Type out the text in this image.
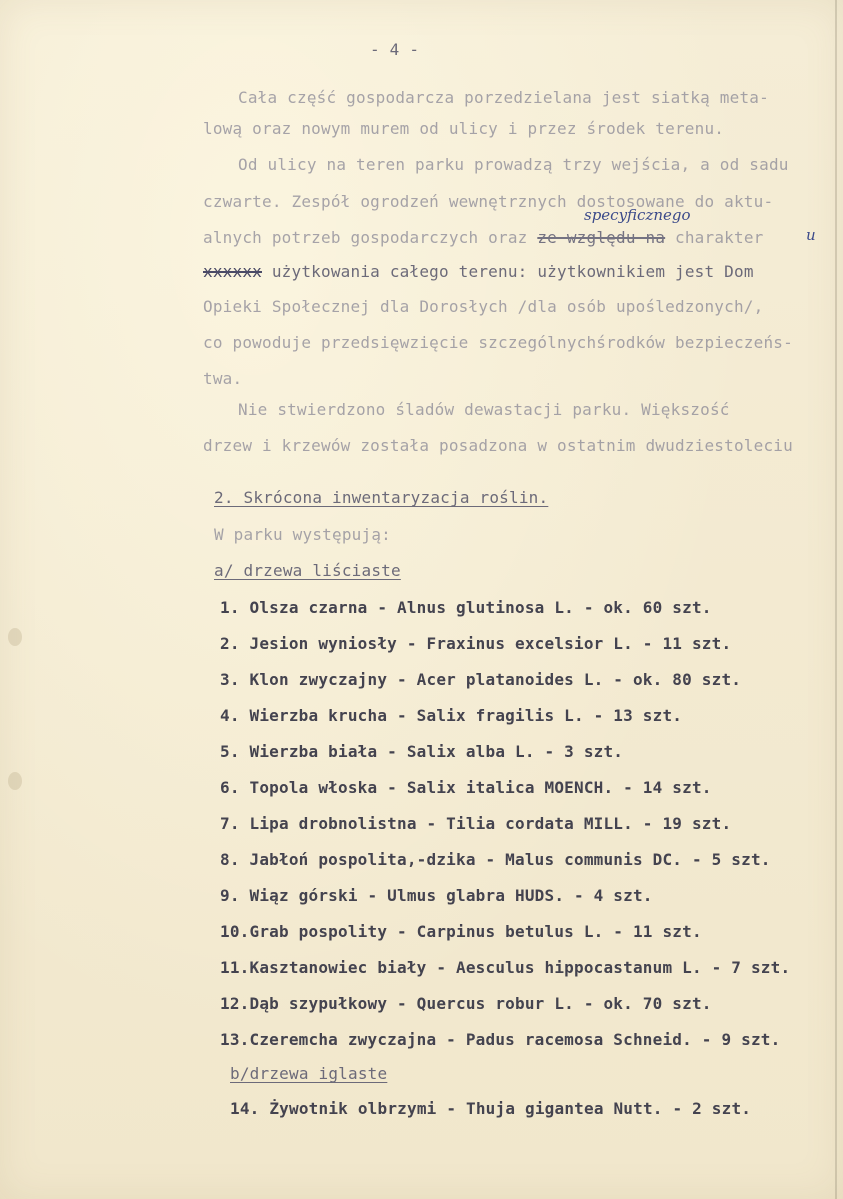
- 4 -
Cała część gospodarcza porzedzielana jest siatką meta-
lową oraz nowym murem od ulicy i przez środek terenu.
Od ulicy na teren parku prowadzą trzy wejścia, a od sadu
czwarte. Zespół ogrodzeń wewnętrznych dostosowane do aktu-
specyficznego
alnych potrzeb gospodarczych oraz ze względu na charakter	u
xxxxxx użytkowania całego terenu: użytkownikiem jest Dom
Opieki Społecznej dla Dorosłych /dla osób upośledzonych/,
co powoduje przedsięwzięcie szczególnychśrodków bezpieczeńs-
twa.
Nie stwierdzono śladów dewastacji parku. Większość
drzew i krzewów została posadzona w ostatnim dwudziestoleciu
2. Skrócona inwentaryzacja roślin.
W parku występują:
a/ drzewa liściaste
1. Olsza czarna - Alnus glutinosa L. - ok. 60 szt.
2. Jesion wyniosły - Fraxinus excelsior L. - 11 szt.
3. Klon zwyczajny - Acer platanoides L. - ok. 80 szt.
4. Wierzba krucha - Salix fragilis L. - 13 szt.
5. Wierzba biała - Salix alba L. - 3 szt.
6. Topola włoska - Salix italica MOENCH. - 14 szt.
7. Lipa drobnolistna - Tilia cordata MILL. - 19 szt.
8. Jabłoń pospolita,-dzika - Malus communis DC. - 5 szt.
9. Wiąz górski - Ulmus glabra HUDS. - 4 szt.
10.Grab pospolity - Carpinus betulus L. - 11 szt.
11.Kasztanowiec biały - Aesculus hippocastanum L. - 7 szt.
12.Dąb szypułkowy - Quercus robur L. - ok. 70 szt.
13.Czeremcha zwyczajna - Padus racemosa Schneid. - 9 szt.
b/drzewa iglaste
14. Żywotnik olbrzymi - Thuja gigantea Nutt. - 2 szt.
